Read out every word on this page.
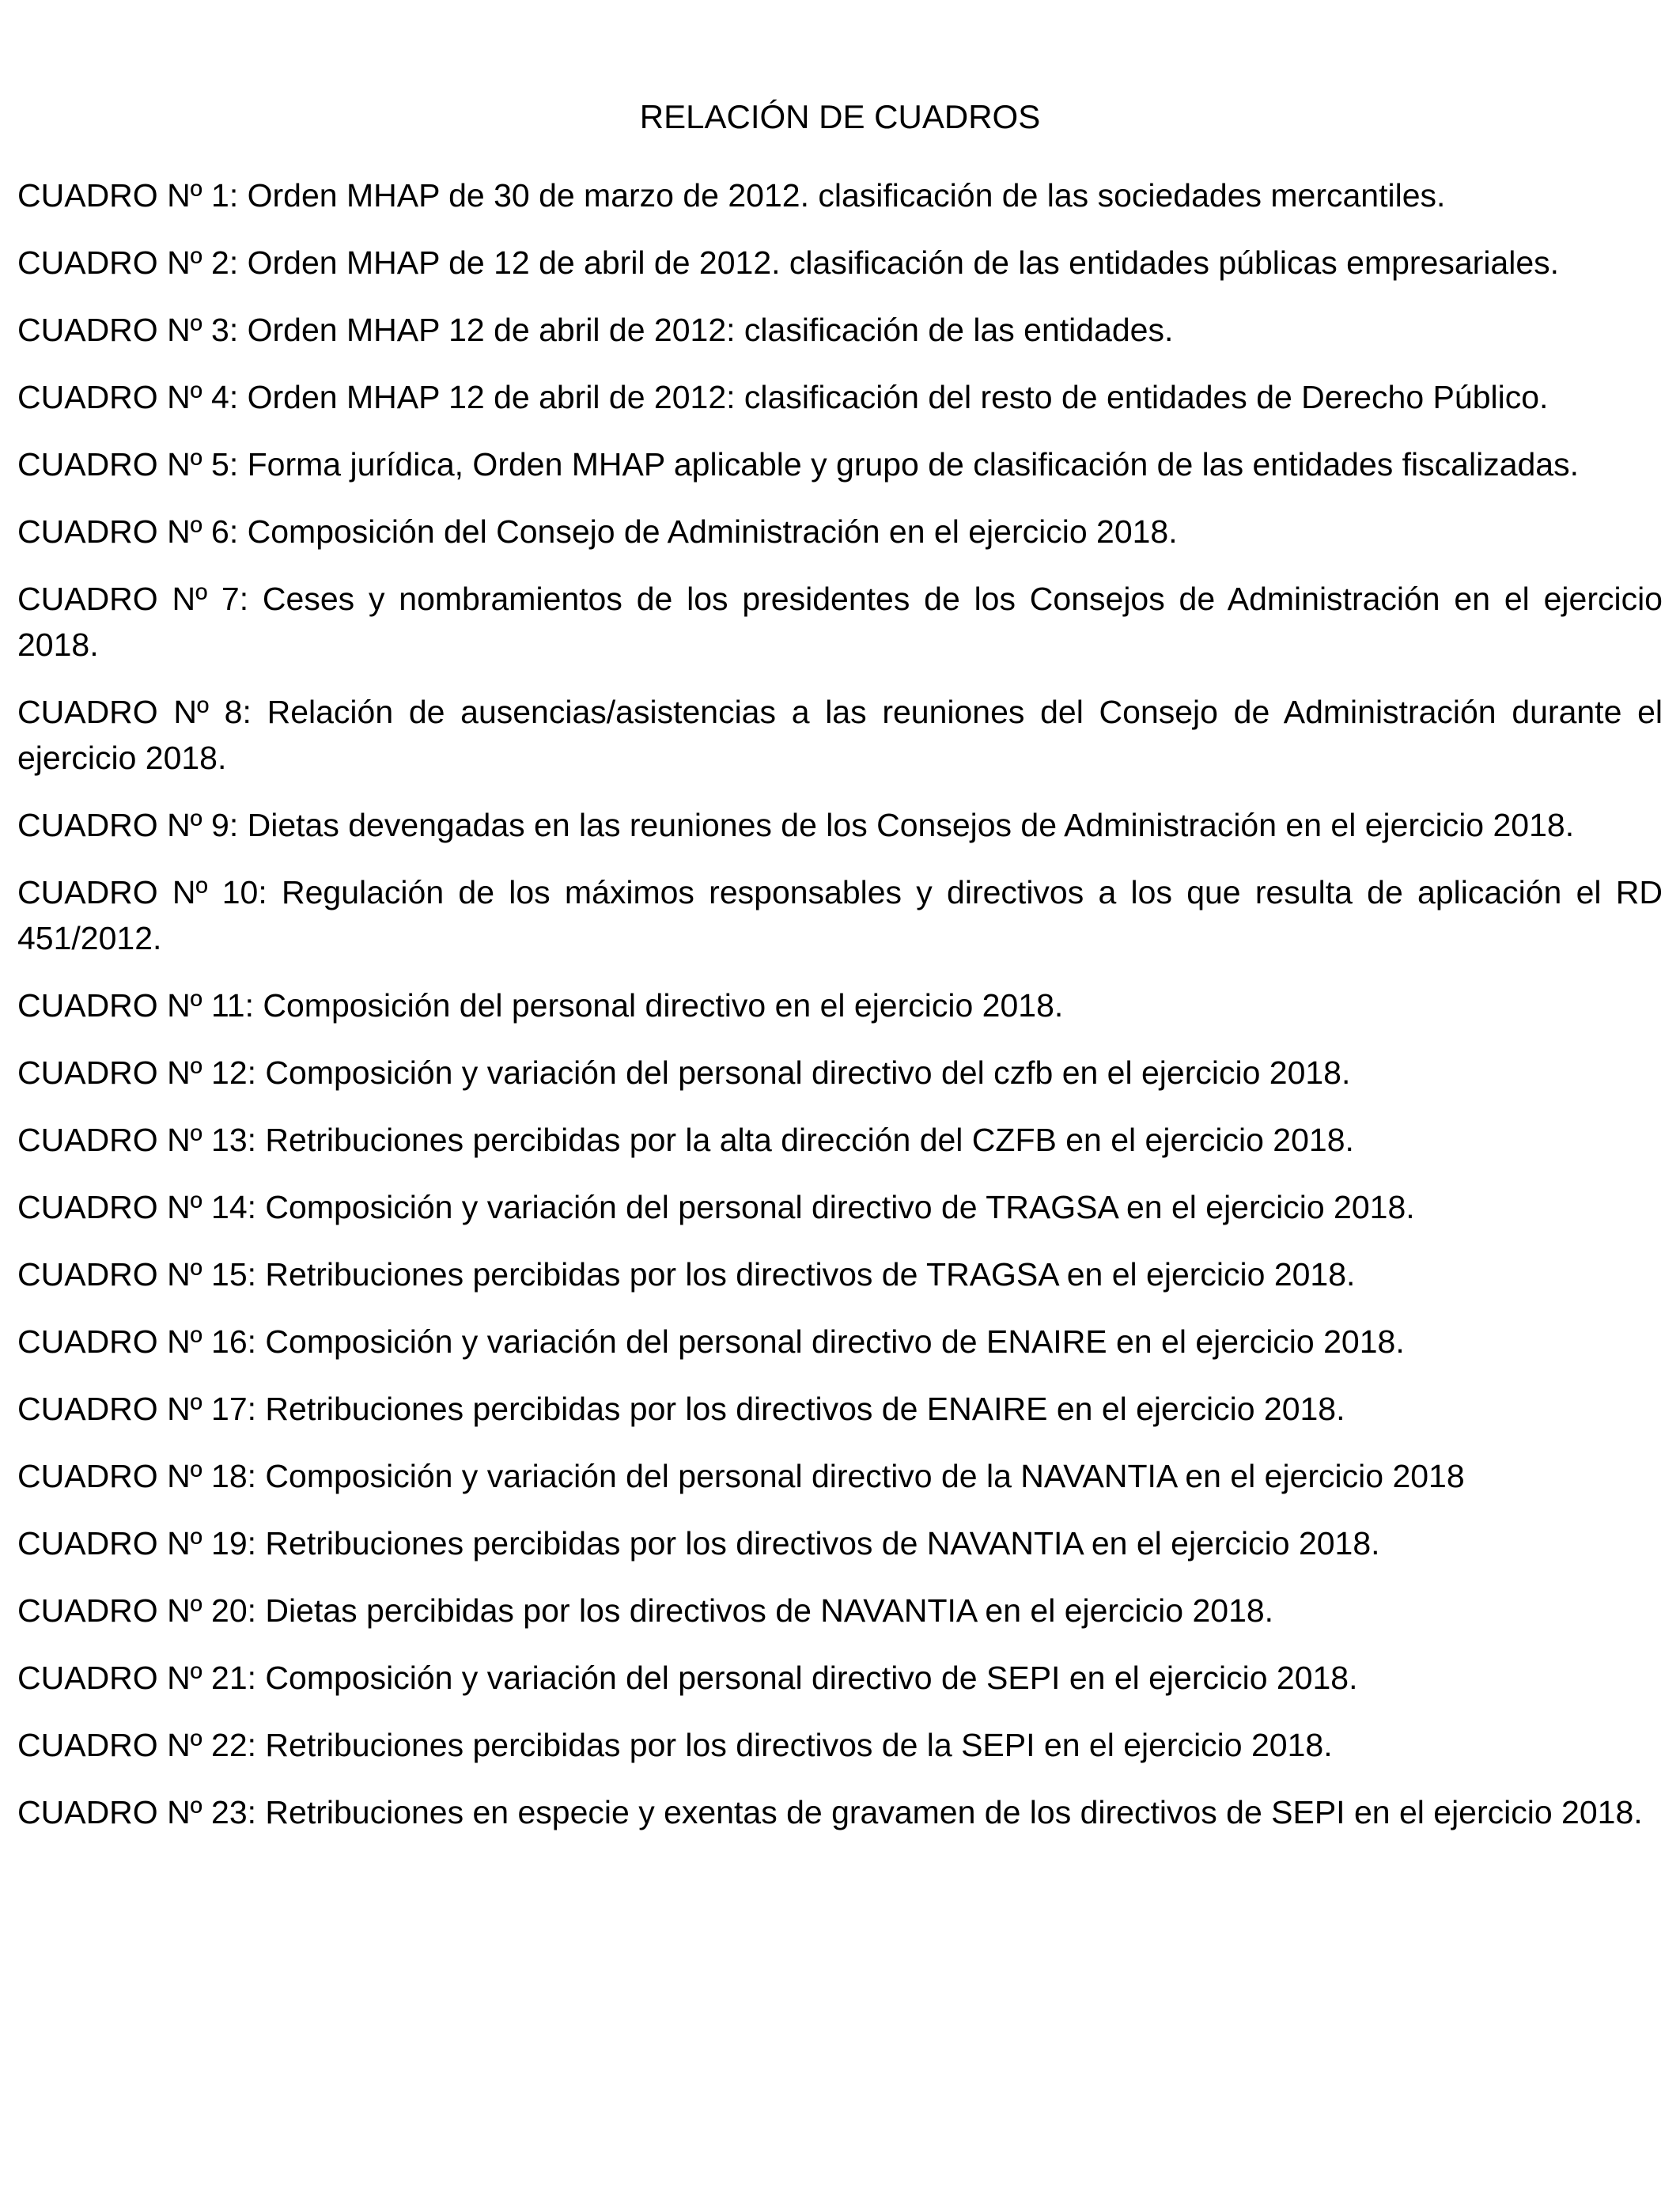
RELACIÓN DE CUADROS

CUADRO Nº 1: Orden MHAP de 30 de marzo de 2012. clasificación de las sociedades mercantiles.

CUADRO Nº 2: Orden MHAP de 12 de abril de 2012. clasificación de las entidades públicas empresariales.

CUADRO Nº 3: Orden MHAP 12 de abril de 2012: clasificación de las entidades.

CUADRO Nº 4: Orden MHAP 12 de abril de 2012: clasificación del resto de entidades de Derecho Público.

CUADRO Nº 5: Forma jurídica, Orden MHAP aplicable y grupo de clasificación de las entidades fiscalizadas.

CUADRO Nº 6: Composición del Consejo de Administración en el ejercicio 2018.

CUADRO Nº 7: Ceses y nombramientos de los presidentes de los Consejos de Administración en el ejercicio 2018.

CUADRO Nº 8: Relación de ausencias/asistencias a las reuniones del Consejo de Administración durante el ejercicio 2018.

CUADRO Nº 9: Dietas devengadas en las reuniones de los Consejos de Administración en el ejercicio 2018.

CUADRO Nº 10: Regulación de los máximos responsables y directivos a los que resulta de aplicación el RD 451/2012.

CUADRO Nº 11: Composición del personal directivo en el ejercicio 2018.

CUADRO Nº 12: Composición y variación del personal directivo del czfb en el ejercicio 2018.

CUADRO Nº 13: Retribuciones percibidas por la alta dirección del CZFB en el ejercicio 2018.

CUADRO Nº 14: Composición y variación del personal directivo de TRAGSA en el ejercicio 2018.

CUADRO Nº 15: Retribuciones percibidas por los directivos de TRAGSA en el ejercicio 2018.

CUADRO Nº 16: Composición y variación del personal directivo de ENAIRE en el ejercicio 2018.

CUADRO Nº 17: Retribuciones percibidas por los directivos de ENAIRE en el ejercicio 2018.

CUADRO Nº 18: Composición y variación del personal directivo de la NAVANTIA en el ejercicio 2018

CUADRO Nº 19: Retribuciones percibidas por los directivos de NAVANTIA en el ejercicio 2018.

CUADRO Nº 20: Dietas percibidas por los directivos de NAVANTIA en el ejercicio 2018.

CUADRO Nº 21: Composición y variación del personal directivo de SEPI en el ejercicio 2018.

CUADRO Nº 22: Retribuciones percibidas por los directivos de la SEPI en el ejercicio 2018.

CUADRO Nº 23: Retribuciones en especie y exentas de gravamen de los directivos de SEPI en el ejercicio 2018.
